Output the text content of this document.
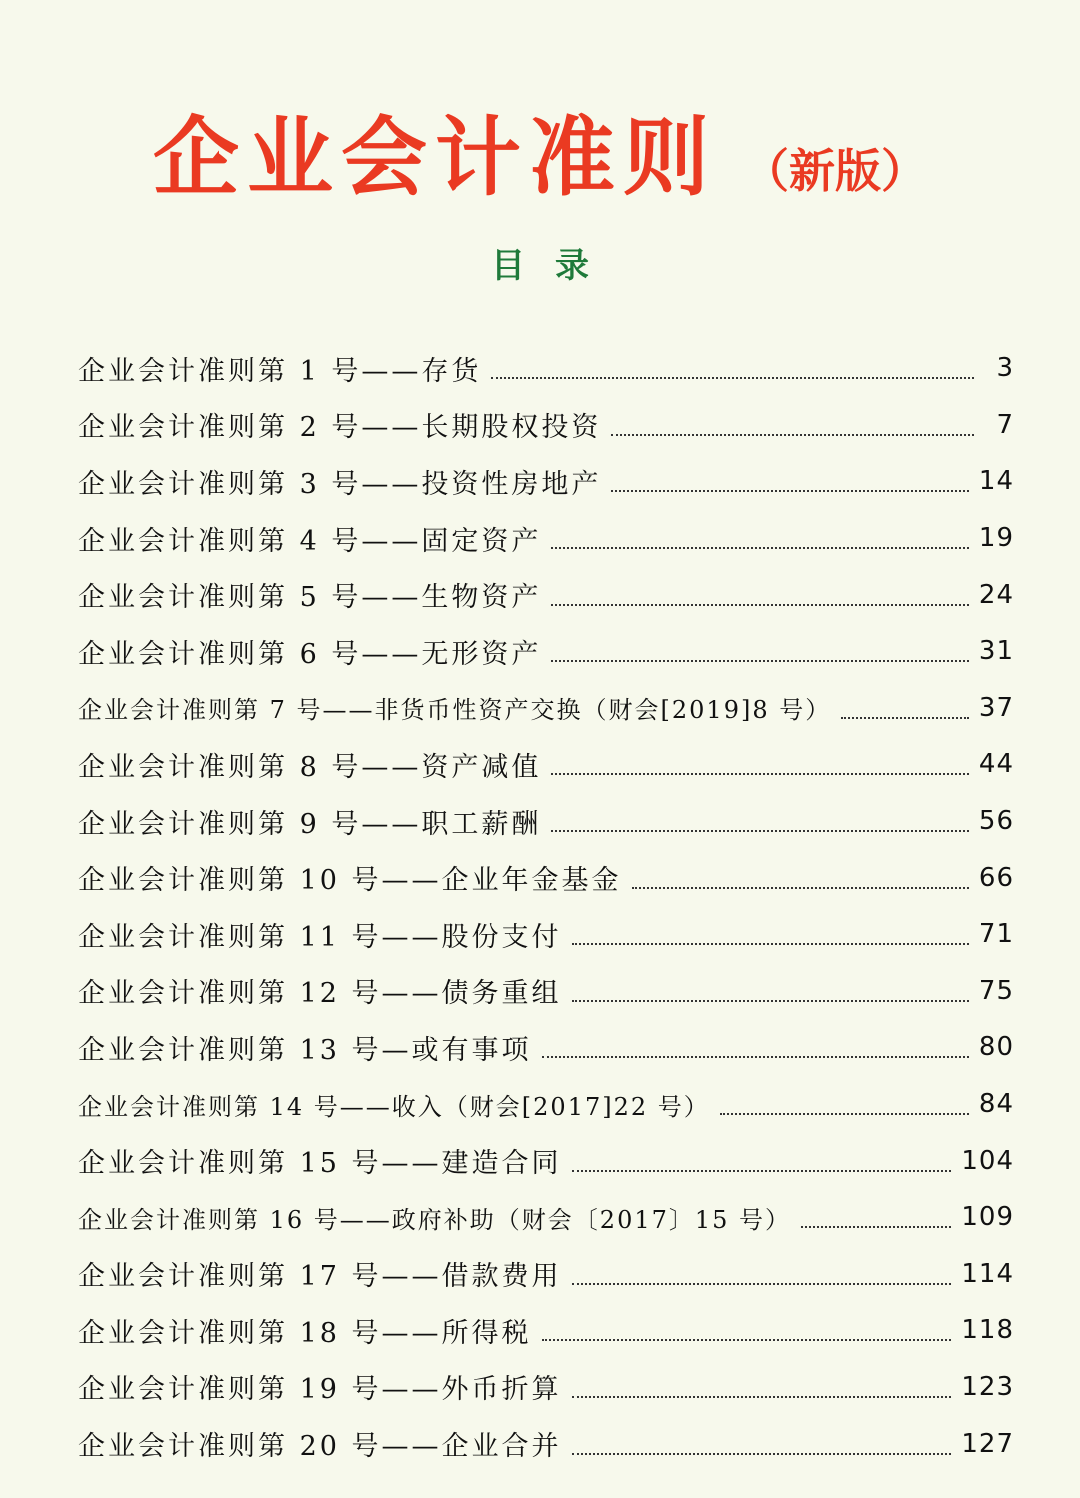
企业会计准则 （新版）
目录
企业会计准则第 1 号——存货	3
企业会计准则第 2 号——长期股权投资	7
企业会计准则第 3 号——投资性房地产	14
企业会计准则第 4 号——固定资产	19
企业会计准则第 5 号——生物资产	24
企业会计准则第 6 号——无形资产	31
企业会计准则第 7 号——非货币性资产交换（财会[2019]8 号）	37
企业会计准则第 8 号——资产减值	44
企业会计准则第 9 号——职工薪酬	56
企业会计准则第 10 号——企业年金基金	66
企业会计准则第 11 号——股份支付	71
企业会计准则第 12 号——债务重组	75
企业会计准则第 13 号—或有事项	80
企业会计准则第 14 号——收入（财会[2017]22 号）	84
企业会计准则第 15 号——建造合同	104
企业会计准则第 16 号——政府补助（财会〔2017〕15 号）	109
企业会计准则第 17 号——借款费用	114
企业会计准则第 18 号——所得税	118
企业会计准则第 19 号——外币折算	123
企业会计准则第 20 号——企业合并	127
